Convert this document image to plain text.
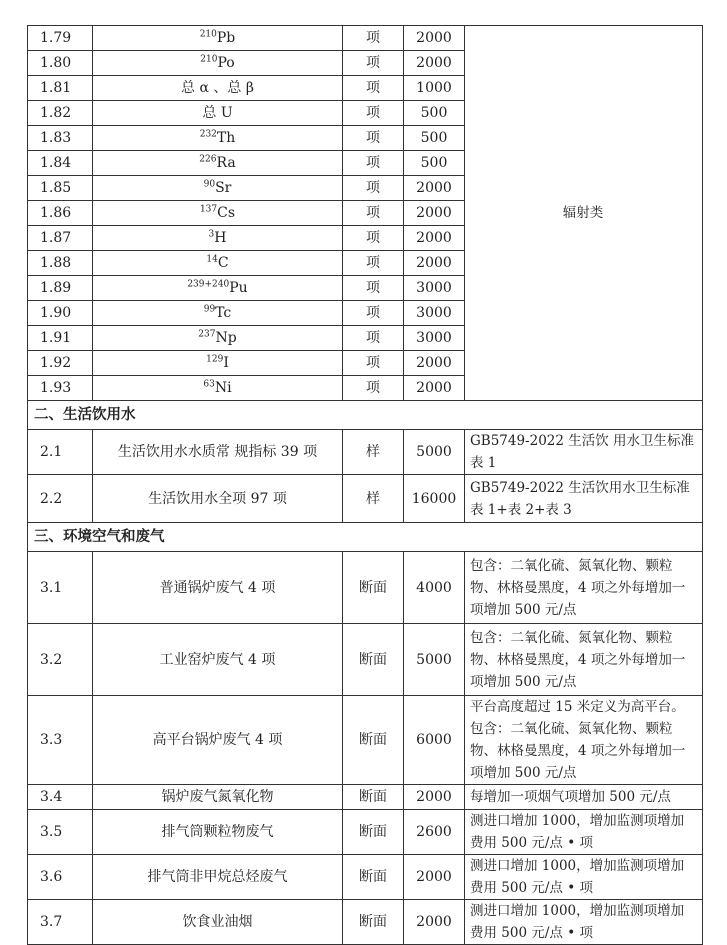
1.79	$^{210}$Pb	项	2000	辐射类
1.80	$^{210}$Po	项	2000	
1.81	总 α 、总 β	项	1000	
1.82	总 U	项	500	
1.83	$^{232}$Th	项	500	
1.84	$^{226}$Ra	项	500	
1.85	$^{90}$Sr	项	2000	
1.86	$^{137}$Cs	项	2000	
1.87	$^3$H	项	2000	
1.88	$^{14}$C	项	2000	
1.89	$^{239+240}$Pu	项	3000	
1.90	$^{99}$Tc	项	3000	
1.91	$^{237}$Np	项	3000	
1.92	$^{129}$I	项	2000	
1.93	$^{63}$Ni	项	2000	
二、生活饮用水				
2.1	生活饮用水水质常 规指标 39 项	样	5000	GB5749-2022 生活饮 用水卫生标准 表 1
2.2	生活饮用水全项 97 项	样	16000	GB5749-2022 生活饮用水卫生标准 表 1+表 2+表 3
三、环境空气和废气				
3.1	普通锅炉废气 4 项	断面	4000	包含：二氧化硫、氮氧化物、颗粒物、林格曼黑度，4 项之外每增加一项增加 500 元/点
3.2	工业窑炉废气 4 项	断面	5000	包含：二氧化硫、氮氧化物、颗粒物、林格曼黑度，4 项之外每增加一项增加 500 元/点
3.3	高平台锅炉废气 4 项	断面	6000	平台高度超过 15 米定义为高平台。包含：二氧化硫、氮氧化物、颗粒物、林格曼黑度，4 项之外每增加一项增加 500 元/点
3.4	锅炉废气氮氧化物	断面	2000	每增加一项烟气项增加 500 元/点
3.5	排气筒颗粒物废气	断面	2600	测进口增加 1000，增加监测项增加费用 500 元/点 • 项
3.6	排气筒非甲烷总烃废气	断面	2000	测进口增加 1000，增加监测项增加费用 500 元/点 • 项
3.7	饮食业油烟	断面	2000	测进口增加 1000，增加监测项增加费用 500 元/点 • 项
